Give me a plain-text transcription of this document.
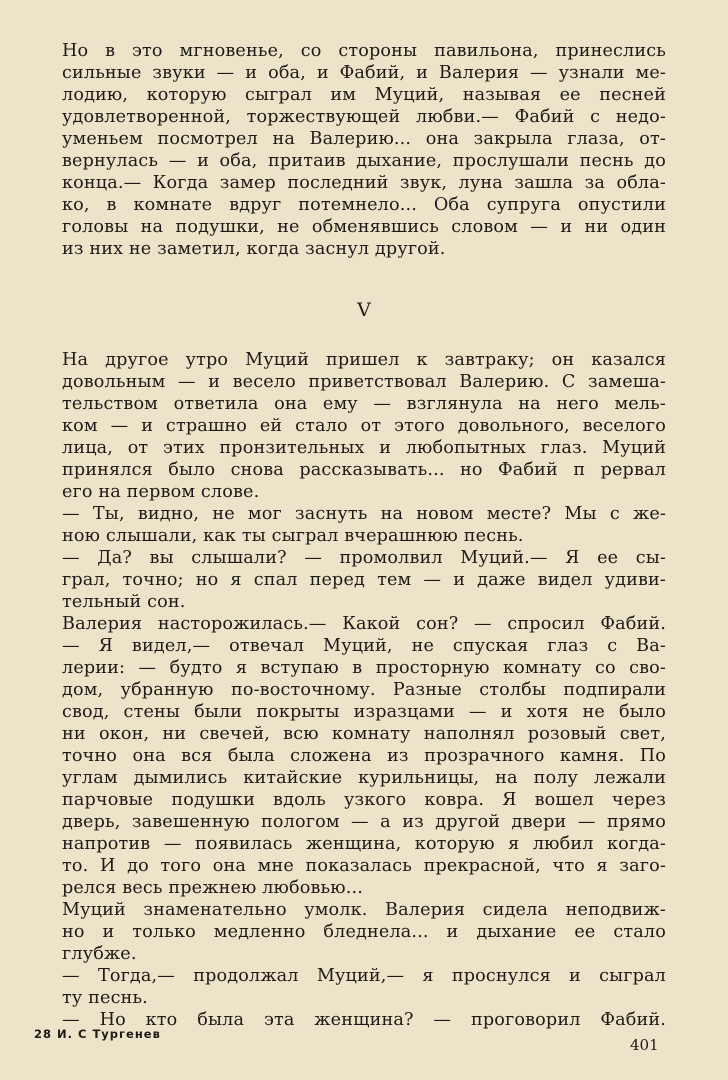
Но в это мгновенье, со стороны павильона, принеслись
сильные звуки — и оба, и Фабий, и Валерия — узнали ме-
лодию, которую сыграл им Муций, называя ее песней
удовлетворенной, торжествующей любви.— Фабий с недо-
уменьем посмотрел на Валерию... она закрыла глаза, от-
вернулась — и оба, притаив дыхание, прослушали песнь до
конца.— Когда замер последний звук, луна зашла за обла-
ко, в комнате вдруг потемнело... Оба супруга опустили
головы на подушки, не обменявшись словом — и ни один
из них не заметил, когда заснул другой.
V
На другое утро Муций пришел к завтраку; он казался
довольным — и весело приветствовал Валерию. С замеша-
тельством ответила она ему — взглянула на него мель-
ком — и страшно ей стало от этого довольного, веселого
лица, от этих пронзительных и любопытных глаз. Муций
принялся было снова рассказывать... но Фабий п рервал
его на первом слове.
— Ты, видно, не мог заснуть на новом месте? Мы с же-
ною слышали, как ты сыграл вчерашнюю песнь.
— Да? вы слышали? — промолвил Муций.— Я ее сы-
грал, точно; но я спал перед тем — и даже видел удиви-
тельный сон.
Валерия насторожилась.— Какой сон? — спросил Фабий.
— Я видел,— отвечал Муций, не спуская глаз с Ва-
лерии: — будто я вступаю в просторную комнату со сво-
дом, убранную по-восточному. Разные столбы подпирали
свод, стены были покрыты изразцами — и хотя не было
ни окон, ни свечей, всю комнату наполнял розовый свет,
точно она вся была сложена из прозрачного камня. По
углам дымились китайские курильницы, на полу лежали
парчовые подушки вдоль узкого ковра. Я вошел через
дверь, завешенную пологом — а из другой двери — прямо
напротив — появилась женщина, которую я любил когда-
то. И до того она мне показалась прекрасной, что я заго-
релся весь прежнею любовью...
Муций знаменательно умолк. Валерия сидела неподвиж-
но и только медленно бледнела... и дыхание ее стало
глубже.
— Тогда,— продолжал Муций,— я проснулся и сыграл
ту песнь.
— Но кто была эта женщина? — проговорил Фабий.
28 И. С Тургенев
401
